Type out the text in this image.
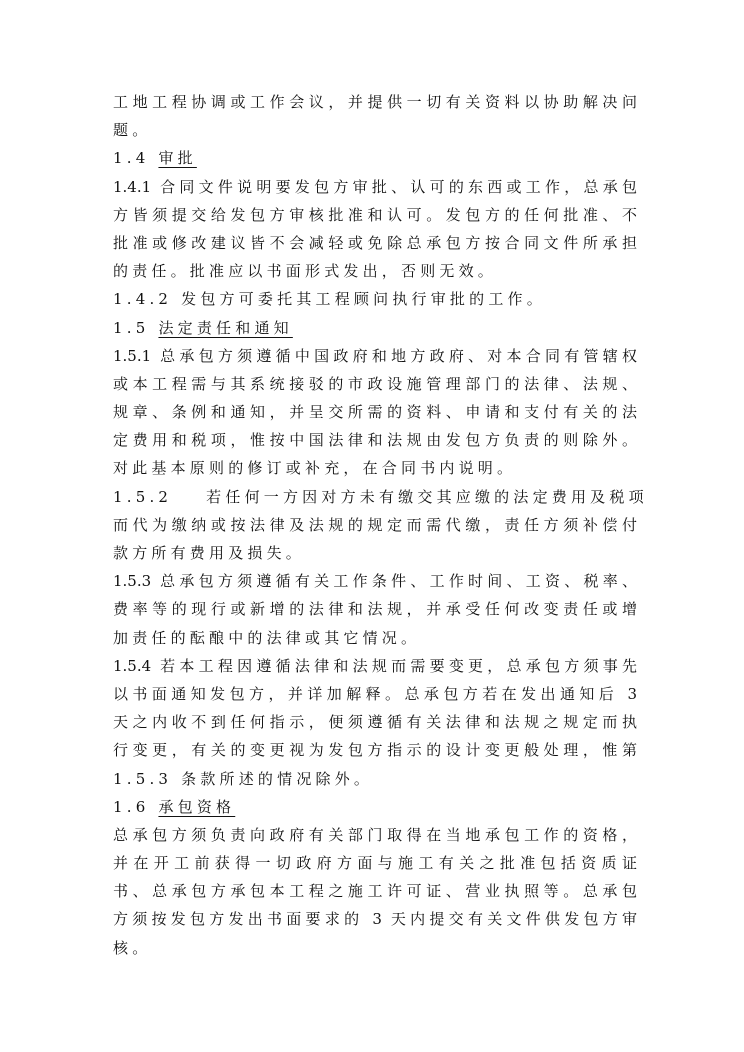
工地工程协调或工作会议，并提供一切有关资料以协助解决问
题。
1.4 审批
1.4.1 合同文件说明要发包方审批、认可的东西或工作，总承包
方皆须提交给发包方审核批准和认可。发包方的任何批准、不
批准或修改建议皆不会减轻或免除总承包方按合同文件所承担
的责任。批准应以书面形式发出，否则无效。
1.4.2 发包方可委托其工程顾问执行审批的工作。
1.5 法定责任和通知
1.5.1 总承包方须遵循中国政府和地方政府、对本合同有管辖权
或本工程需与其系统接驳的市政设施管理部门的法律、法规、
规章、条例和通知，并呈交所需的资料、申请和支付有关的法
定费用和税项，惟按中国法律和法规由发包方负责的则除外。
对此基本原则的修订或补充，在合同书内说明。
1.5.2 若任何一方因对方未有缴交其应缴的法定费用及税项
而代为缴纳或按法律及法规的规定而需代缴，责任方须补偿付
款方所有费用及损失。
1.5.3 总承包方须遵循有关工作条件、工作时间、工资、税率、
费率等的现行或新增的法律和法规，并承受任何改变责任或增
加责任的酝酿中的法律或其它情况。
1.5.4 若本工程因遵循法律和法规而需要变更，总承包方须事先
以书面通知发包方，并详加解释。总承包方若在发出通知后 3
天之内收不到任何指示，便须遵循有关法律和法规之规定而执
行变更，有关的变更视为发包方指示的设计变更般处理，惟第
1.5.3 条款所述的情况除外。
1.6 承包资格
总承包方须负责向政府有关部门取得在当地承包工作的资格，
并在开工前获得一切政府方面与施工有关之批准包括资质证
书、总承包方承包本工程之施工许可证、营业执照等。总承包
方须按发包方发出书面要求的 3 天内提交有关文件供发包方审
核。
